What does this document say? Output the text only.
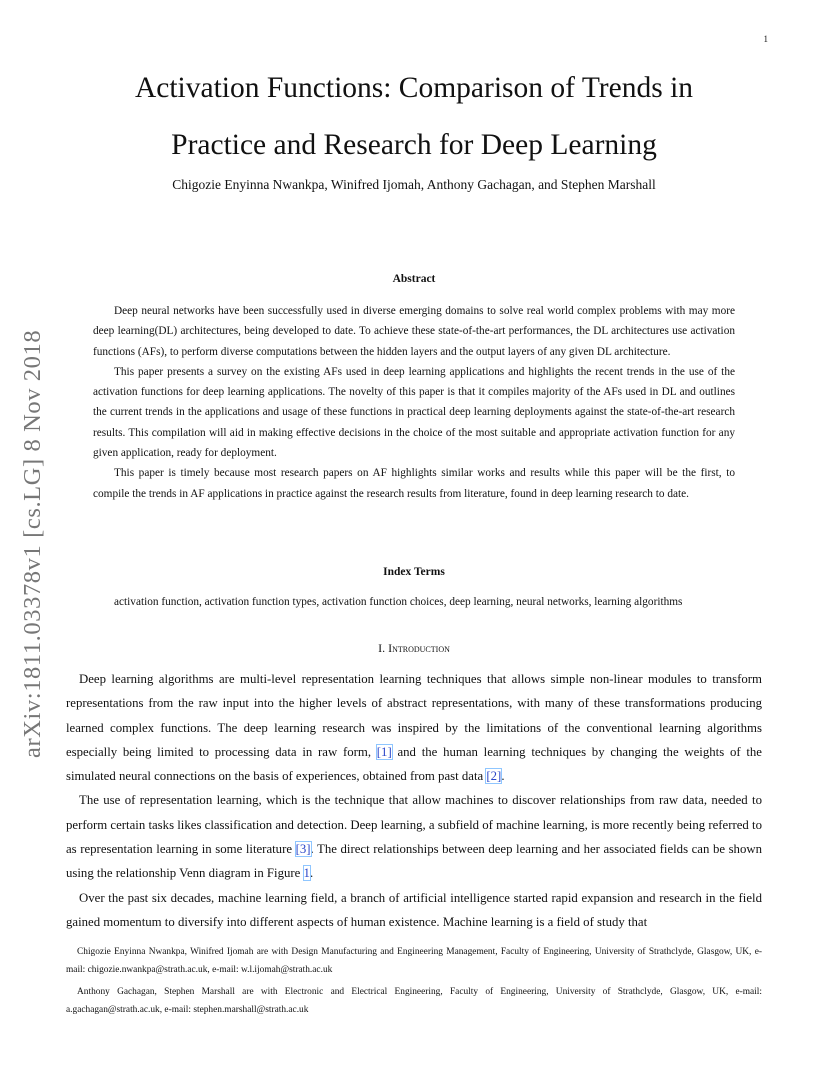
1
arXiv:1811.03378v1 [cs.LG] 8 Nov 2018
Activation Functions: Comparison of Trends in
Practice and Research for Deep Learning

Chigozie Enyinna Nwankpa, Winifred Ijomah, Anthony Gachagan, and Stephen Marshall

Abstract

Deep neural networks have been successfully used in diverse emerging domains to solve real world complex problems with may more deep learning(DL) architectures, being developed to date. To achieve these state-of-the-art performances, the DL architectures use activation functions (AFs), to perform diverse computations between the hidden layers and the output layers of any given DL architecture.

This paper presents a survey on the existing AFs used in deep learning applications and highlights the recent trends in the use of the activation functions for deep learning applications. The novelty of this paper is that it compiles majority of the AFs used in DL and outlines the current trends in the applications and usage of these functions in practical deep learning deployments against the state-of-the-art research results. This compilation will aid in making effective decisions in the choice of the most suitable and appropriate activation function for any given application, ready for deployment.

This paper is timely because most research papers on AF highlights similar works and results while this paper will be the first, to compile the trends in AF applications in practice against the research results from literature, found in deep learning research to date.

Index Terms

activation function, activation function types, activation function choices, deep learning, neural networks, learning algorithms

I. Introduction

Deep learning algorithms are multi-level representation learning techniques that allows simple non-linear modules to transform representations from the raw input into the higher levels of abstract representations, with many of these transformations producing learned complex functions. The deep learning research was inspired by the limitations of the conventional learning algorithms especially being limited to processing data in raw form, [1] and the human learning techniques by changing the weights of the simulated neural connections on the basis of experiences, obtained from past data [2].

The use of representation learning, which is the technique that allow machines to discover relationships from raw data, needed to perform certain tasks likes classification and detection. Deep learning, a subfield of machine learning, is more recently being referred to as representation learning in some literature [3]. The direct relationships between deep learning and her associated fields can be shown using the relationship Venn diagram in Figure 1.

Over the past six decades, machine learning field, a branch of artificial intelligence started rapid expansion and research in the field gained momentum to diversify into different aspects of human existence. Machine learning is a field of study that

Chigozie Enyinna Nwankpa, Winifred Ijomah are with Design Manufacturing and Engineering Management, Faculty of Engineering, University of Strathclyde, Glasgow, UK, e-mail: chigozie.nwankpa@strath.ac.uk, e-mail: w.l.ijomah@strath.ac.uk

Anthony Gachagan, Stephen Marshall are with Electronic and Electrical Engineering, Faculty of Engineering, University of Strathclyde, Glasgow, UK, e-mail: a.gachagan@strath.ac.uk, e-mail: stephen.marshall@strath.ac.uk
